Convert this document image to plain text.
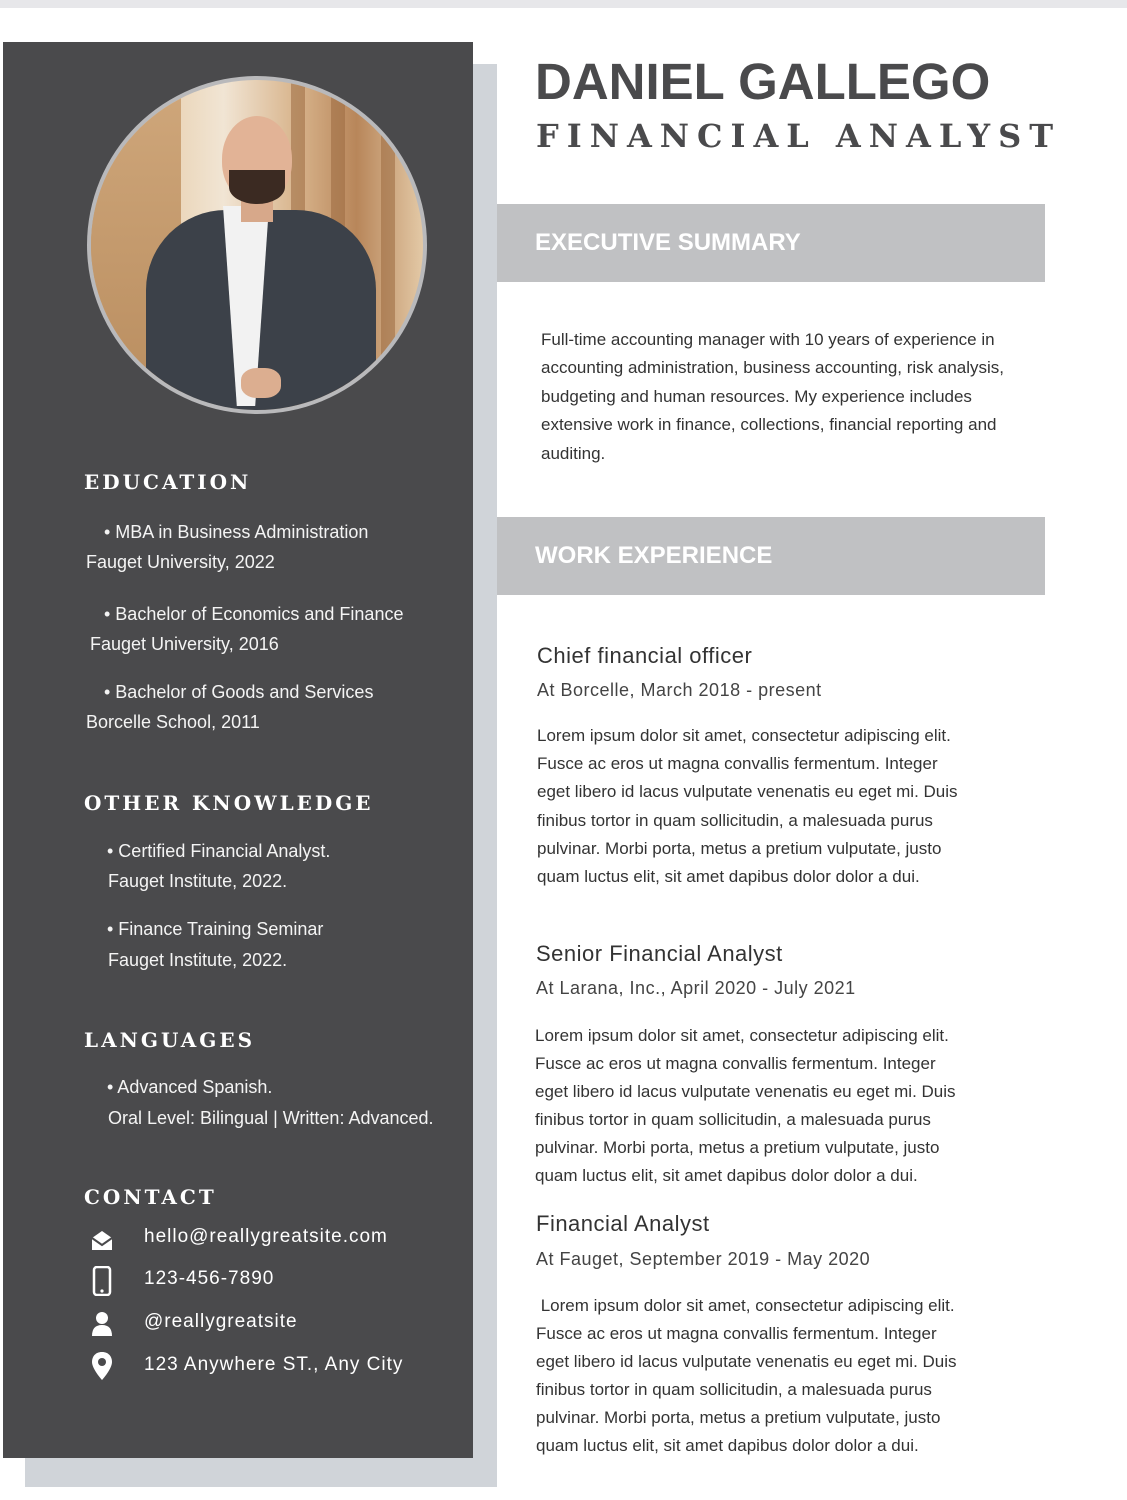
EDUCATION

• MBA in Business Administration

Fauget University, 2022

• Bachelor of Economics and Finance

Fauget University, 2016

• Bachelor of Goods and Services

Borcelle School, 2011

OTHER KNOWLEDGE

• Certified Financial Analyst.

Fauget Institute, 2022.

• Finance Training Seminar

Fauget Institute, 2022.

LANGUAGES

• Advanced Spanish.

Oral Level: Bilingual | Written: Advanced.

CONTACT
hello@reallygreatsite.com
123-456-7890
@reallygreatsite
123 Anywhere ST., Any City
DANIEL GALLEGO
FINANCIAL ANALYST
EXECUTIVE SUMMARY

Full-time accounting manager with 10 years of experience in
accounting administration, business accounting, risk analysis,
budgeting and human resources. My experience includes
extensive work in finance, collections, financial reporting and
auditing.

WORK EXPERIENCE
Chief financial officer
At Borcelle, March 2018 - present

Lorem ipsum dolor sit amet, consectetur adipiscing elit.
Fusce ac eros ut magna convallis fermentum. Integer
eget libero id lacus vulputate venenatis eu eget mi. Duis
finibus tortor in quam sollicitudin, a malesuada purus
pulvinar. Morbi porta, metus a pretium vulputate, justo
quam luctus elit, sit amet dapibus dolor dolor a dui.

Senior Financial Analyst
At Larana, Inc., April 2020 - July 2021

Lorem ipsum dolor sit amet, consectetur adipiscing elit.
Fusce ac eros ut magna convallis fermentum. Integer
eget libero id lacus vulputate venenatis eu eget mi. Duis
finibus tortor in quam sollicitudin, a malesuada purus
pulvinar. Morbi porta, metus a pretium vulputate, justo
quam luctus elit, sit amet dapibus dolor dolor a dui.

Financial Analyst
At Fauget, September 2019 - May 2020

Lorem ipsum dolor sit amet, consectetur adipiscing elit.
Fusce ac eros ut magna convallis fermentum. Integer
eget libero id lacus vulputate venenatis eu eget mi. Duis
finibus tortor in quam sollicitudin, a malesuada purus
pulvinar. Morbi porta, metus a pretium vulputate, justo
quam luctus elit, sit amet dapibus dolor dolor a dui.
